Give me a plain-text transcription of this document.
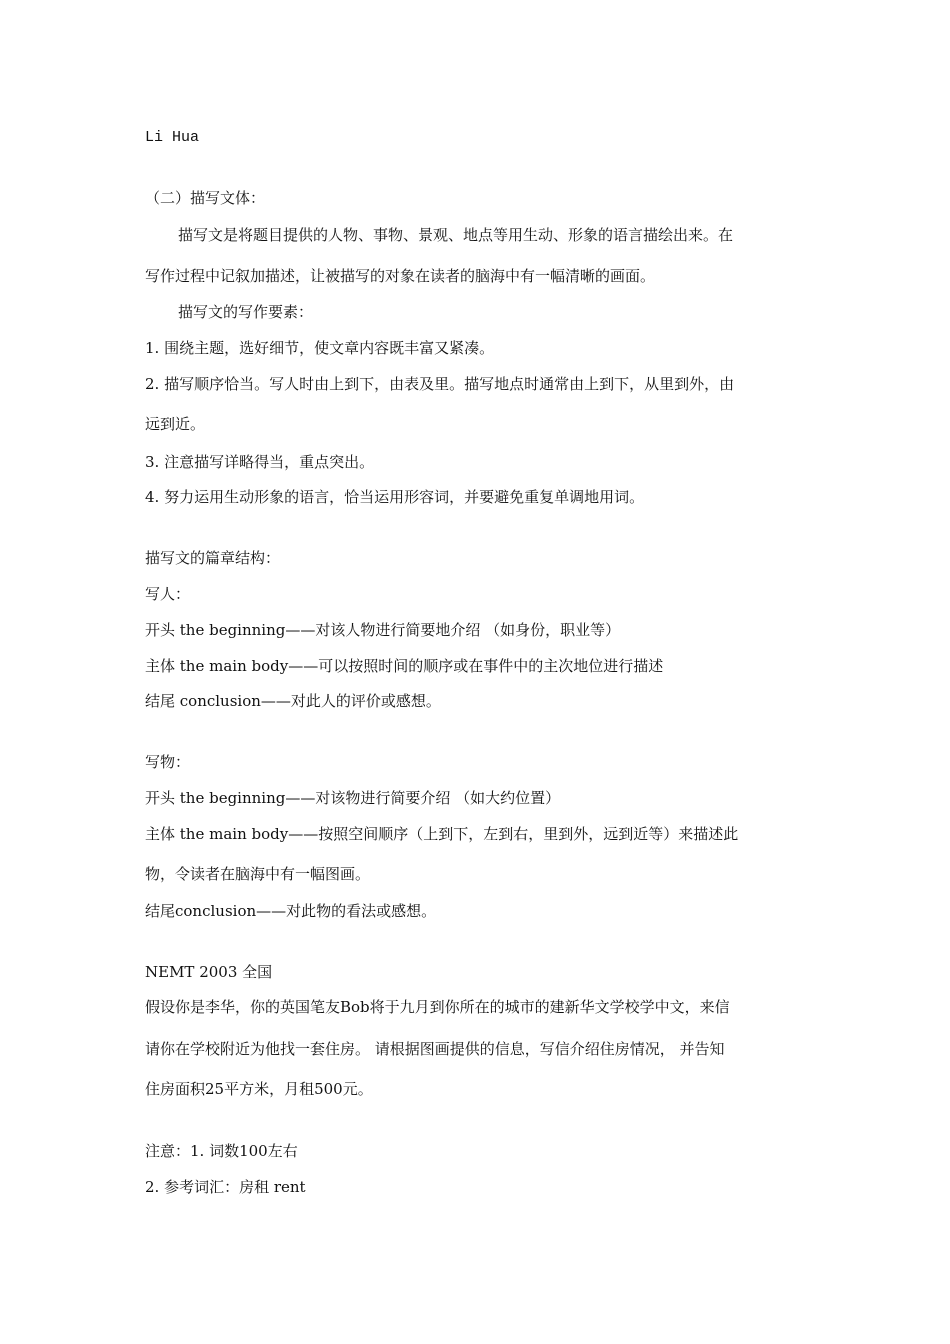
Li Hua
（二）描写文体：
描写文是将题目提供的人物、事物、景观、地点等用生动、形象的语言描绘出来。在
写作过程中记叙加描述，让被描写的对象在读者的脑海中有一幅清晰的画面。
描写文的写作要素：
1. 围绕主题，选好细节，使文章内容既丰富又紧凑。
2. 描写顺序恰当。写人时由上到下，由表及里。描写地点时通常由上到下，从里到外，由
远到近。
3. 注意描写详略得当，重点突出。
4. 努力运用生动形象的语言，恰当运用形容词，并要避免重复单调地用词。
描写文的篇章结构：
写人：
开头 the beginning——对该人物进行简要地介绍 （如身份，职业等）
主体 the main body——可以按照时间的顺序或在事件中的主次地位进行描述
结尾 conclusion——对此人的评价或感想。
写物：
开头 the beginning——对该物进行简要介绍 （如大约位置）
主体 the main body——按照空间顺序（上到下，左到右，里到外，远到近等）来描述此
物，令读者在脑海中有一幅图画。
结尾conclusion——对此物的看法或感想。
NEMT 2003 全国
假设你是李华，你的英国笔友Bob将于九月到你所在的城市的建新华文学校学中文，来信
请你在学校附近为他找一套住房。 请根据图画提供的信息，写信介绍住房情况， 并告知
住房面积25平方米，月租500元。
注意：1. 词数100左右
2. 参考词汇：房租 rent
